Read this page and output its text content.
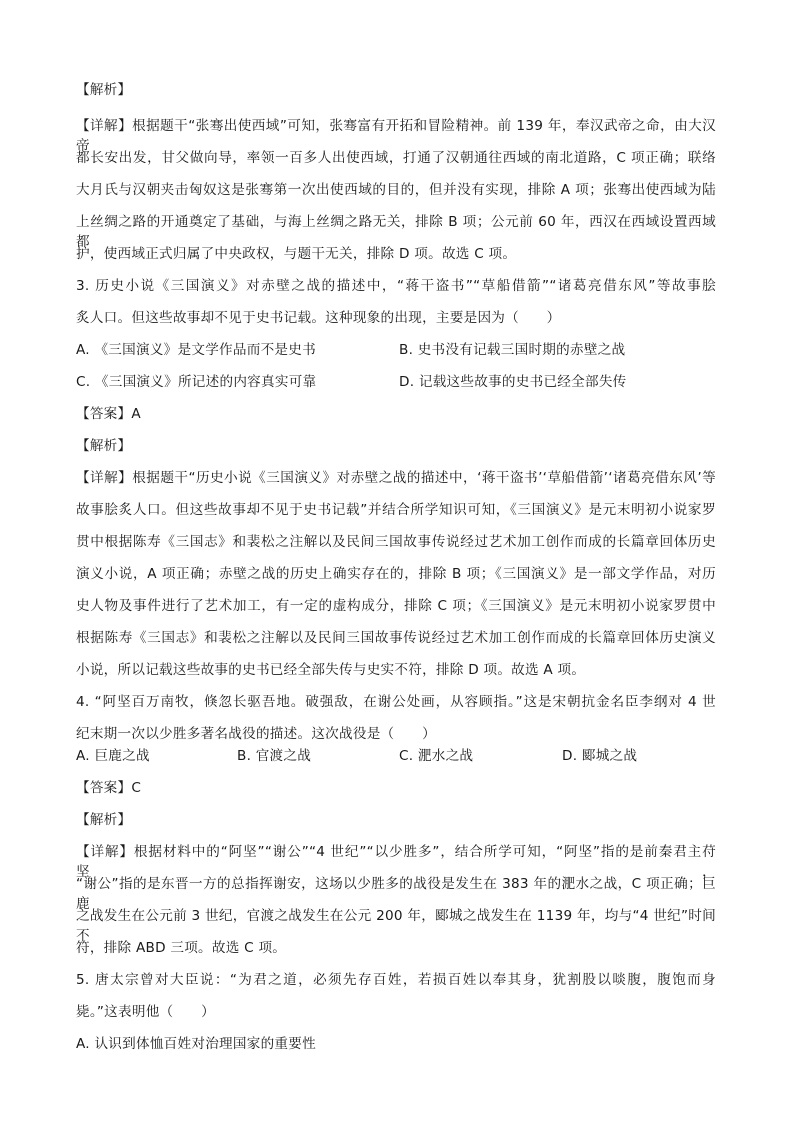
【解析】
【详解】根据题干“张骞出使西域”可知，张骞富有开拓和冒险精神。前 139 年，奉汉武帝之命，由大汉帝
都长安出发，甘父做向导，率领一百多人出使西域，打通了汉朝通往西域的南北道路，C 项正确；联络
大月氏与汉朝夹击匈奴这是张骞第一次出使西域的目的，但并没有实现，排除 A 项；张骞出使西域为陆
上丝绸之路的开通奠定了基础，与海上丝绸之路无关，排除 B 项；公元前 60 年，西汉在西域设置西域都
护，使西域正式归属了中央政权，与题干无关，排除 D 项。故选 C 项。
3. 历史小说《三国演义》对赤壁之战的描述中，“蒋干盗书”“草船借箭”“诸葛亮借东风”等故事脍
炙人口。但这些故事却不见于史书记载。这种现象的出现，主要是因为（　　）
【答案】A
【解析】
【详解】根据题干“历史小说《三国演义》对赤壁之战的描述中，‘蒋干盗书’‘草船借箭’‘诸葛亮借东风’等
故事脍炙人口。但这些故事却不见于史书记载”并结合所学知识可知，《三国演义》是元末明初小说家罗
贯中根据陈寿《三国志》和裴松之注解以及民间三国故事传说经过艺术加工创作而成的长篇章回体历史
演义小说，A 项正确；赤壁之战的历史上确实存在的，排除 B 项；《三国演义》是一部文学作品，对历
史人物及事件进行了艺术加工，有一定的虚构成分，排除 C 项；《三国演义》是元末明初小说家罗贯中
根据陈寿《三国志》和裴松之注解以及民间三国故事传说经过艺术加工创作而成的长篇章回体历史演义
小说，所以记载这些故事的史书已经全部失传与史实不符，排除 D 项。故选 A 项。
4. “阿坚百万南牧，倏忽长驱吾地。破强敌，在谢公处画，从容顾指。”这是宋朝抗金名臣李纲对 4 世
纪末期一次以少胜多著名战役的描述。这次战役是（　　）
【答案】C
【解析】
【详解】根据材料中的“阿坚”“谢公”“4 世纪”“以少胜多”，结合所学可知，“阿坚”指的是前秦君主苻坚，
“谢公”指的是东晋一方的总指挥谢安，这场以少胜多的战役是发生在 383 年的淝水之战，C 项正确；巨鹿
之战发生在公元前 3 世纪，官渡之战发生在公元 200 年，郾城之战发生在 1139 年，均与“4 世纪”时间不
符，排除 ABD 三项。故选 C 项。
5. 唐太宗曾对大臣说：“为君之道，必须先存百姓，若损百姓以奉其身，犹割股以啖腹，腹饱而身
毙。”这表明他（　　）
A. 认识到体恤百姓对治理国家的重要性
A. 《三国演义》是文学作品而不是史书	B. 史书没有记载三国时期的赤壁之战
C. 《三国演义》所记述的内容真实可靠	D. 记载这些故事的史书已经全部失传
A. 巨鹿之战	B. 官渡之战	C. 淝水之战	D. 郾城之战
